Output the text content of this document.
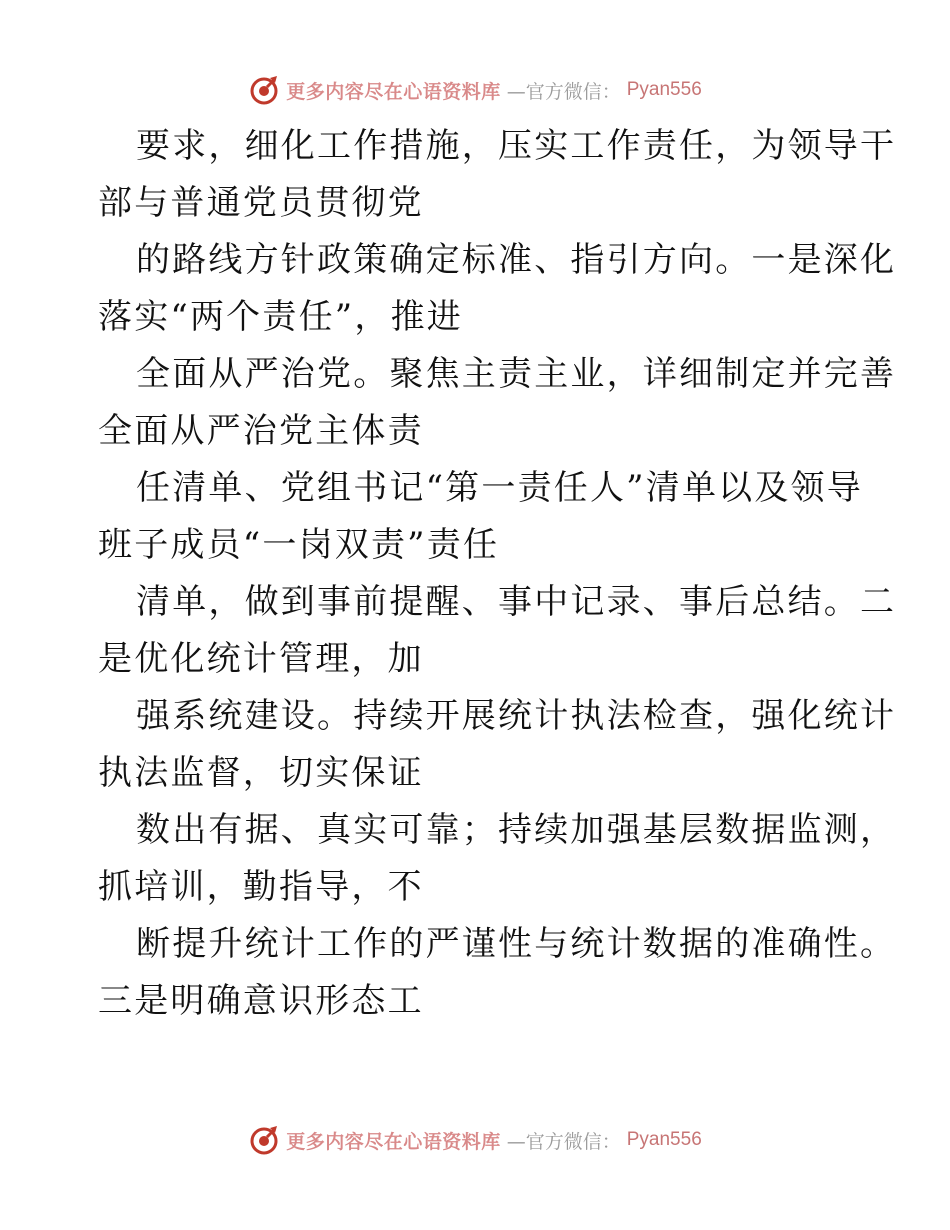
更多内容尽在心语资料库 —官方微信： Pyan556

要求，细化工作措施，压实工作责任，为领导干
部与普通党员贯彻党

的路线方针政策确定标准、指引方向。一是深化
落实“两个责任”，推进

全面从严治党。聚焦主责主业，详细制定并完善
全面从严治党主体责

任清单、党组书记“第一责任人”清单以及领导
班子成员“一岗双责”责任

清单，做到事前提醒、事中记录、事后总结。二
是优化统计管理，加

强系统建设。持续开展统计执法检查，强化统计
执法监督，切实保证

数出有据、真实可靠；持续加强基层数据监测，
抓培训，勤指导，不

断提升统计工作的严谨性与统计数据的准确性。
三是明确意识形态工

更多内容尽在心语资料库 —官方微信： Pyan556
